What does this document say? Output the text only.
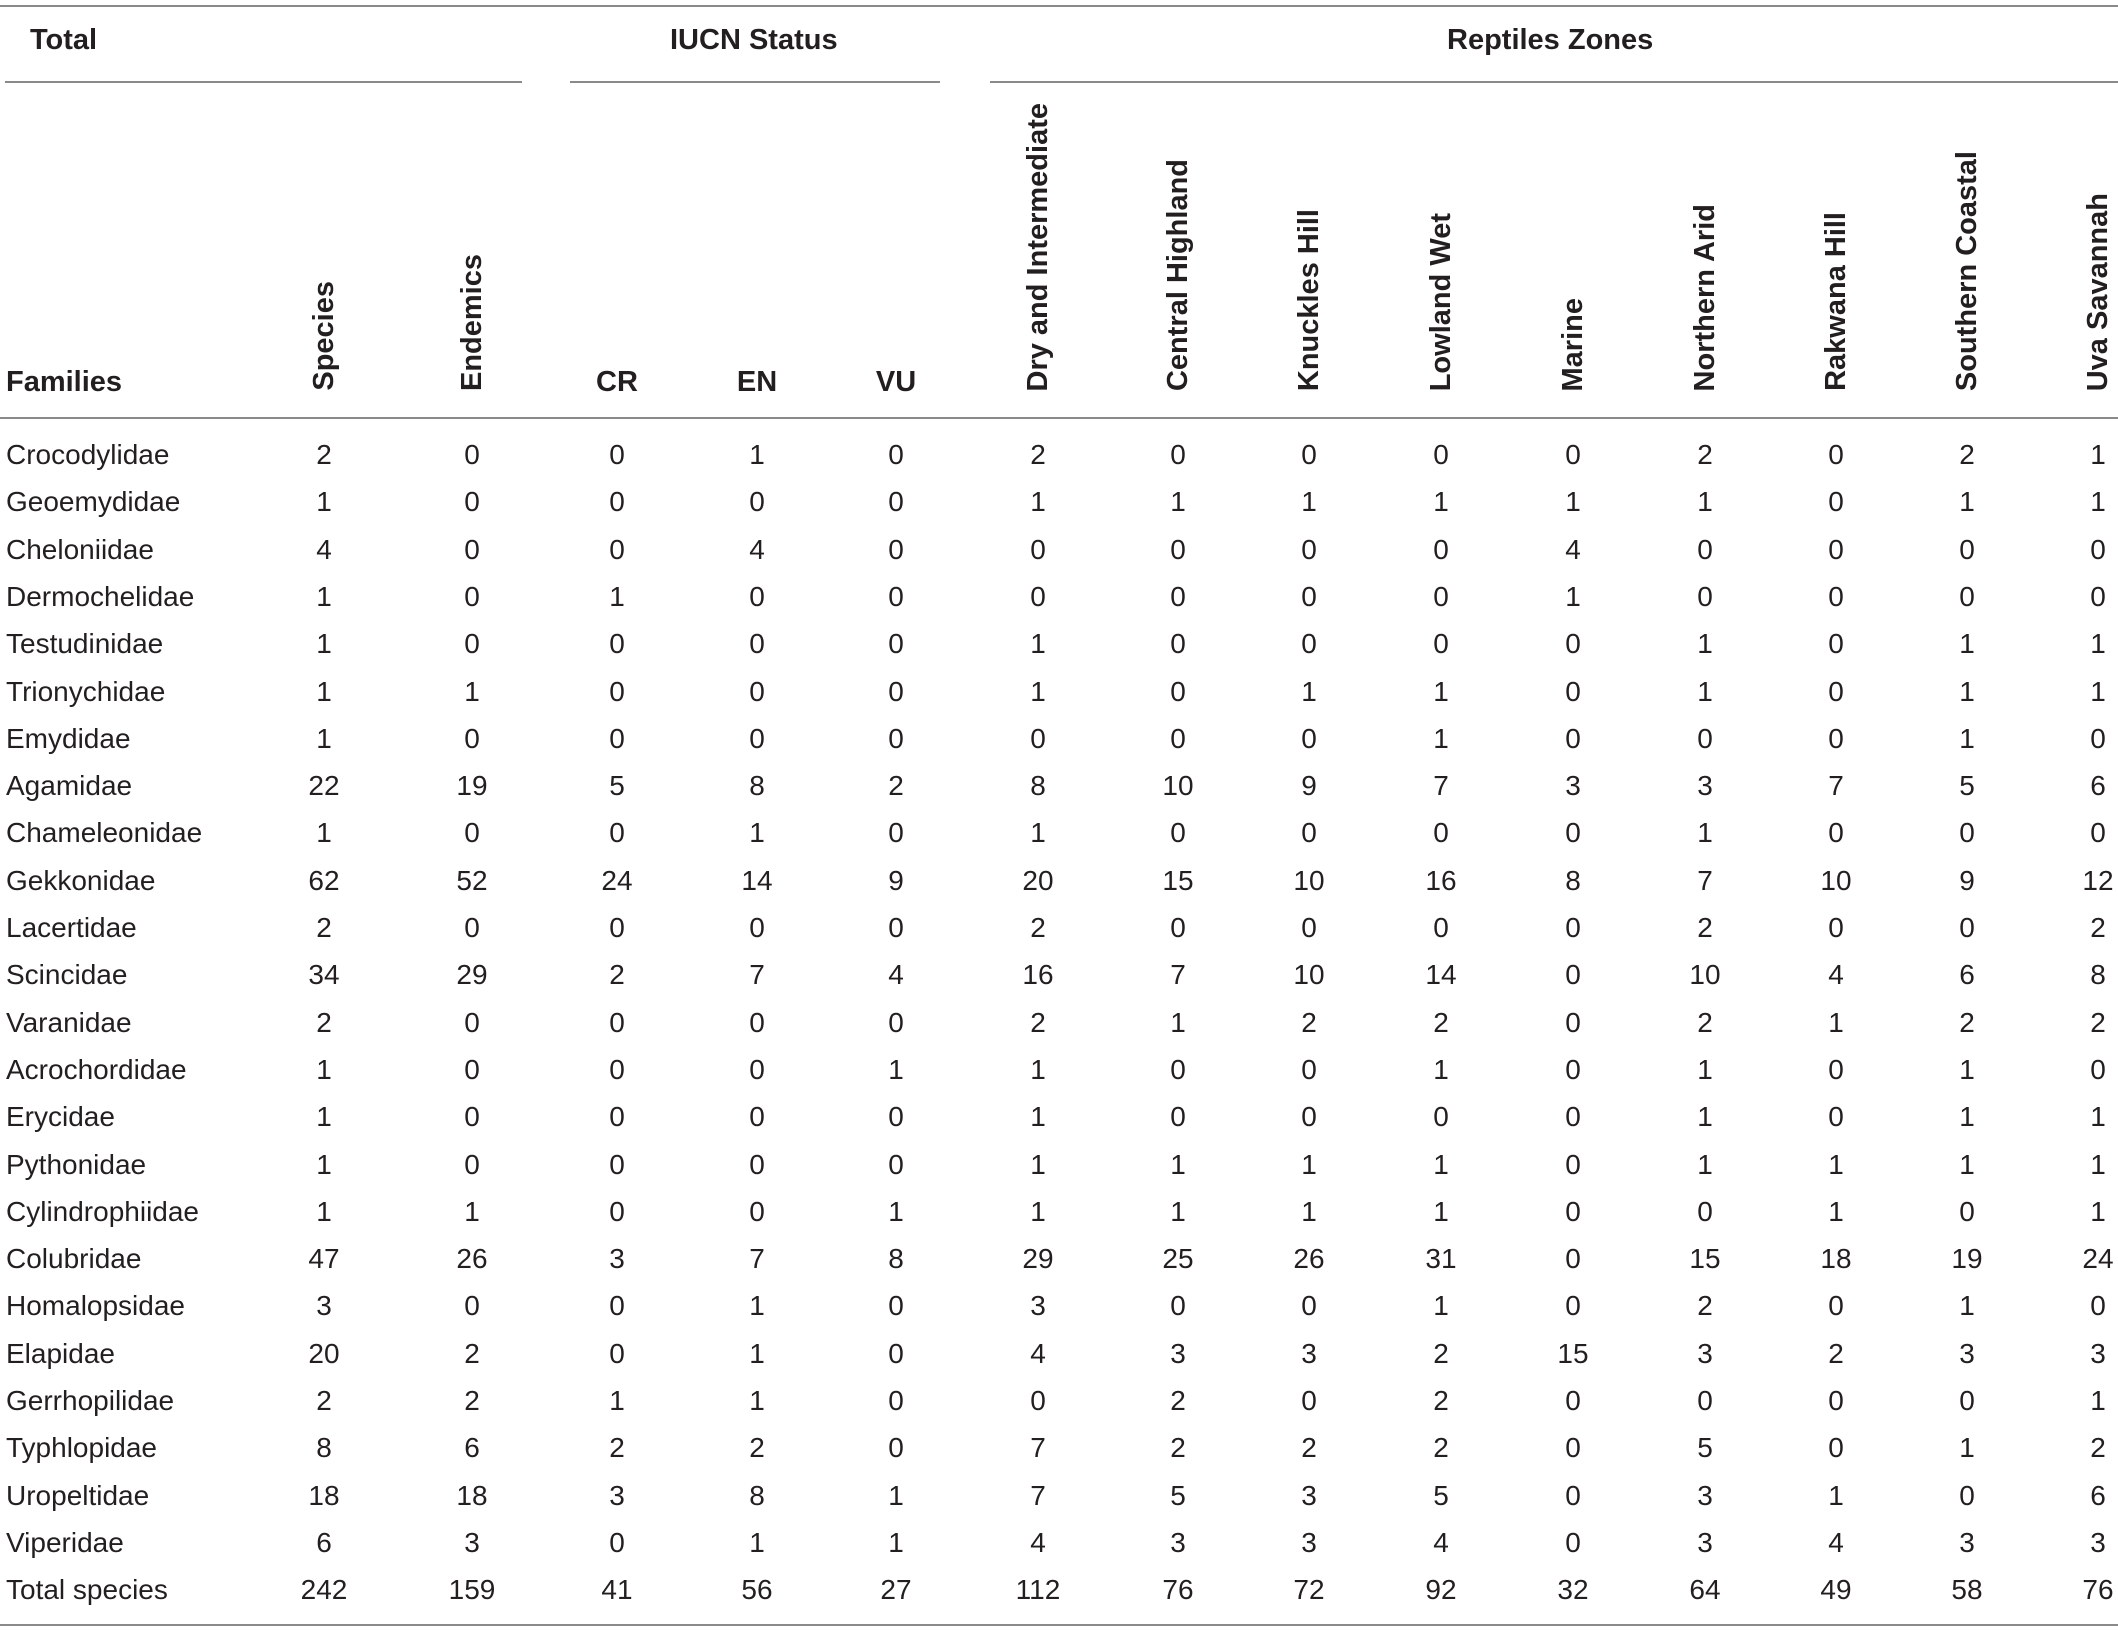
Total	IUCN Status	Reptiles Zones
Families	Species	Endemics	CR	EN	VU	Dry and Intermediate	Central Highland	Knuckles Hill	Lowland Wet	Marine	Northern Arid	Rakwana Hill	Southern Coastal	Uva Savannah
Crocodylidae	2	0	0	1	0	2	0	0	0	0	2	0	2	1
Geoemydidae	1	0	0	0	0	1	1	1	1	1	1	0	1	1
Cheloniidae	4	0	0	4	0	0	0	0	0	4	0	0	0	0
Dermochelidae	1	0	1	0	0	0	0	0	0	1	0	0	0	0
Testudinidae	1	0	0	0	0	1	0	0	0	0	1	0	1	1
Trionychidae	1	1	0	0	0	1	0	1	1	0	1	0	1	1
Emydidae	1	0	0	0	0	0	0	0	1	0	0	0	1	0
Agamidae	22	19	5	8	2	8	10	9	7	3	3	7	5	6
Chameleonidae	1	0	0	1	0	1	0	0	0	0	1	0	0	0
Gekkonidae	62	52	24	14	9	20	15	10	16	8	7	10	9	12
Lacertidae	2	0	0	0	0	2	0	0	0	0	2	0	0	2
Scincidae	34	29	2	7	4	16	7	10	14	0	10	4	6	8
Varanidae	2	0	0	0	0	2	1	2	2	0	2	1	2	2
Acrochordidae	1	0	0	0	1	1	0	0	1	0	1	0	1	0
Erycidae	1	0	0	0	0	1	0	0	0	0	1	0	1	1
Pythonidae	1	0	0	0	0	1	1	1	1	0	1	1	1	1
Cylindrophiidae	1	1	0	0	1	1	1	1	1	0	0	1	0	1
Colubridae	47	26	3	7	8	29	25	26	31	0	15	18	19	24
Homalopsidae	3	0	0	1	0	3	0	0	1	0	2	0	1	0
Elapidae	20	2	0	1	0	4	3	3	2	15	3	2	3	3
Gerrhopilidae	2	2	1	1	0	0	2	0	2	0	0	0	0	1
Typhlopidae	8	6	2	2	0	7	2	2	2	0	5	0	1	2
Uropeltidae	18	18	3	8	1	7	5	3	5	0	3	1	0	6
Viperidae	6	3	0	1	1	4	3	3	4	0	3	4	3	3
Total species	242	159	41	56	27	112	76	72	92	32	64	49	58	76
